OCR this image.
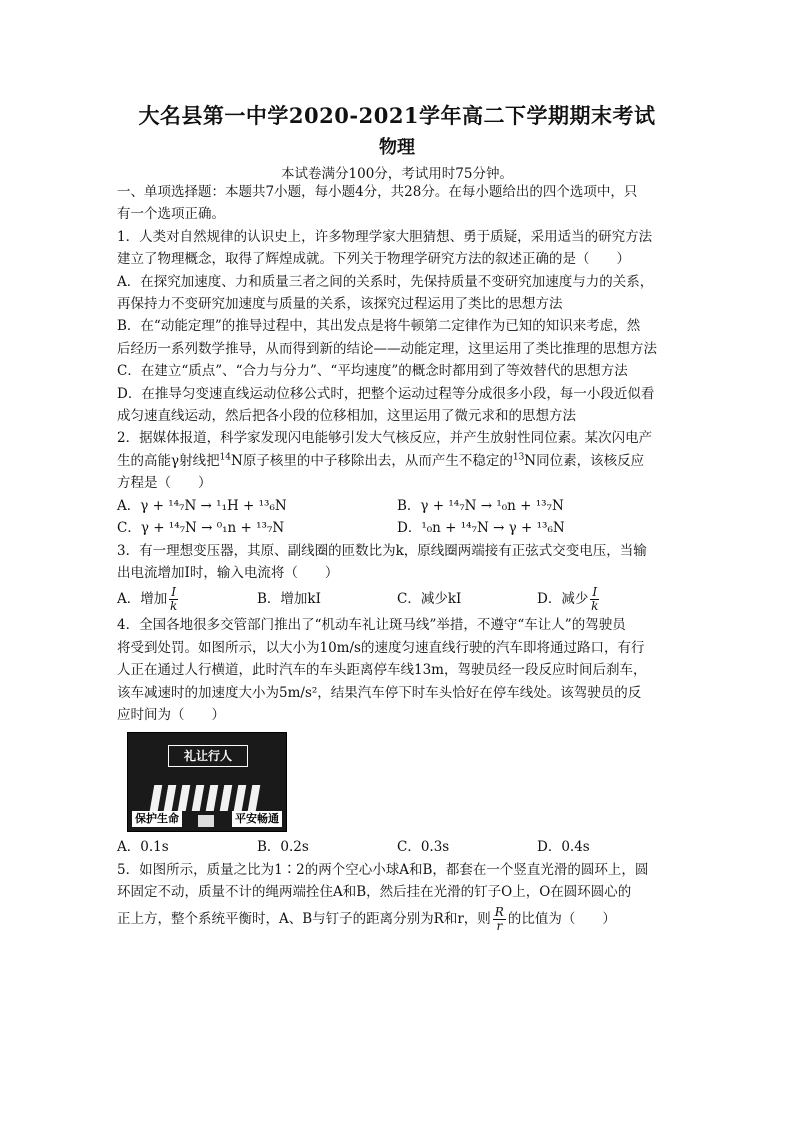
大名县第一中学2020-2021学年高二下学期期末考试
物理
本试卷满分100分，考试用时75分钟。

一、单项选择题：本题共7小题，每小题4分，共28分。在每小题给出的四个选项中，只

有一个选项正确。

1．人类对自然规律的认识史上，许多物理学家大胆猜想、勇于质疑，采用适当的研究方法

建立了物理概念，取得了辉煌成就。下列关于物理学研究方法的叙述正确的是（　　）

A．在探究加速度、力和质量三者之间的关系时，先保持质量不变研究加速度与力的关系，

再保持力不变研究加速度与质量的关系，该探究过程运用了类比的思想方法

B．在“动能定理”的推导过程中，其出发点是将牛顿第二定律作为已知的知识来考虑，然

后经历一系列数学推导，从而得到新的结论——动能定理，这里运用了类比推理的思想方法

C．在建立“质点”、“合力与分力”、“平均速度”的概念时都用到了等效替代的思想方法

D．在推导匀变速直线运动位移公式时，把整个运动过程等分成很多小段，每一小段近似看

成匀速直线运动，然后把各小段的位移相加，这里运用了微元求和的思想方法

2．据媒体报道，科学家发现闪电能够引发大气核反应，并产生放射性同位素。某次闪电产

生的高能γ射线把$^{14}$N原子核里的中子移除出去，从而产生不稳定的$^{13}$N同位素，该核反应

方程是（　　）

A．γ + ¹⁴₇N → ¹₁H + ¹³₆N	B．γ + ¹⁴₇N → ¹₀n + ¹³₇N
C．γ + ¹⁴₇N → ⁰₁n + ¹³₇N	D．¹₀n + ¹⁴₇N → γ + ¹³₆N

3．有一理想变压器，其原、副线圈的匝数比为k，原线圈两端接有正弦式交变电压，当输

出电流增加I时，输入电流将（　　）

A．增加 $\frac{I}{k}$	B．增加kI	C．减少kI	D．减少 $\frac{I}{k}$

4．全国各地很多交管部门推出了“机动车礼让斑马线”举措，不遵守“车让人”的驾驶员

将受到处罚。如图所示，以大小为10m/s的速度匀速直线行驶的汽车即将通过路口，有行

人正在通过人行横道，此时汽车的车头距离停车线13m，驾驶员经一段反应时间后刹车，

该车减速时的加速度大小为5m/s²，结果汽车停下时车头恰好在停车线处。该驾驶员的反

应时间为（　　）

礼让行人
保护生命	平安畅通
A．0.1s	B．0.2s	C．0.3s	D．0.4s

5．如图所示，质量之比为1∶2的两个空心小球A和B，都套在一个竖直光滑的圆环上，圆

环固定不动，质量不计的绳两端拴住A和B，然后挂在光滑的钉子O上，O在圆环圆心的

正上方，整个系统平衡时，A、B与钉子的距离分别为R和r，则 $\frac{R}{r}$ 的比值为（　　）
